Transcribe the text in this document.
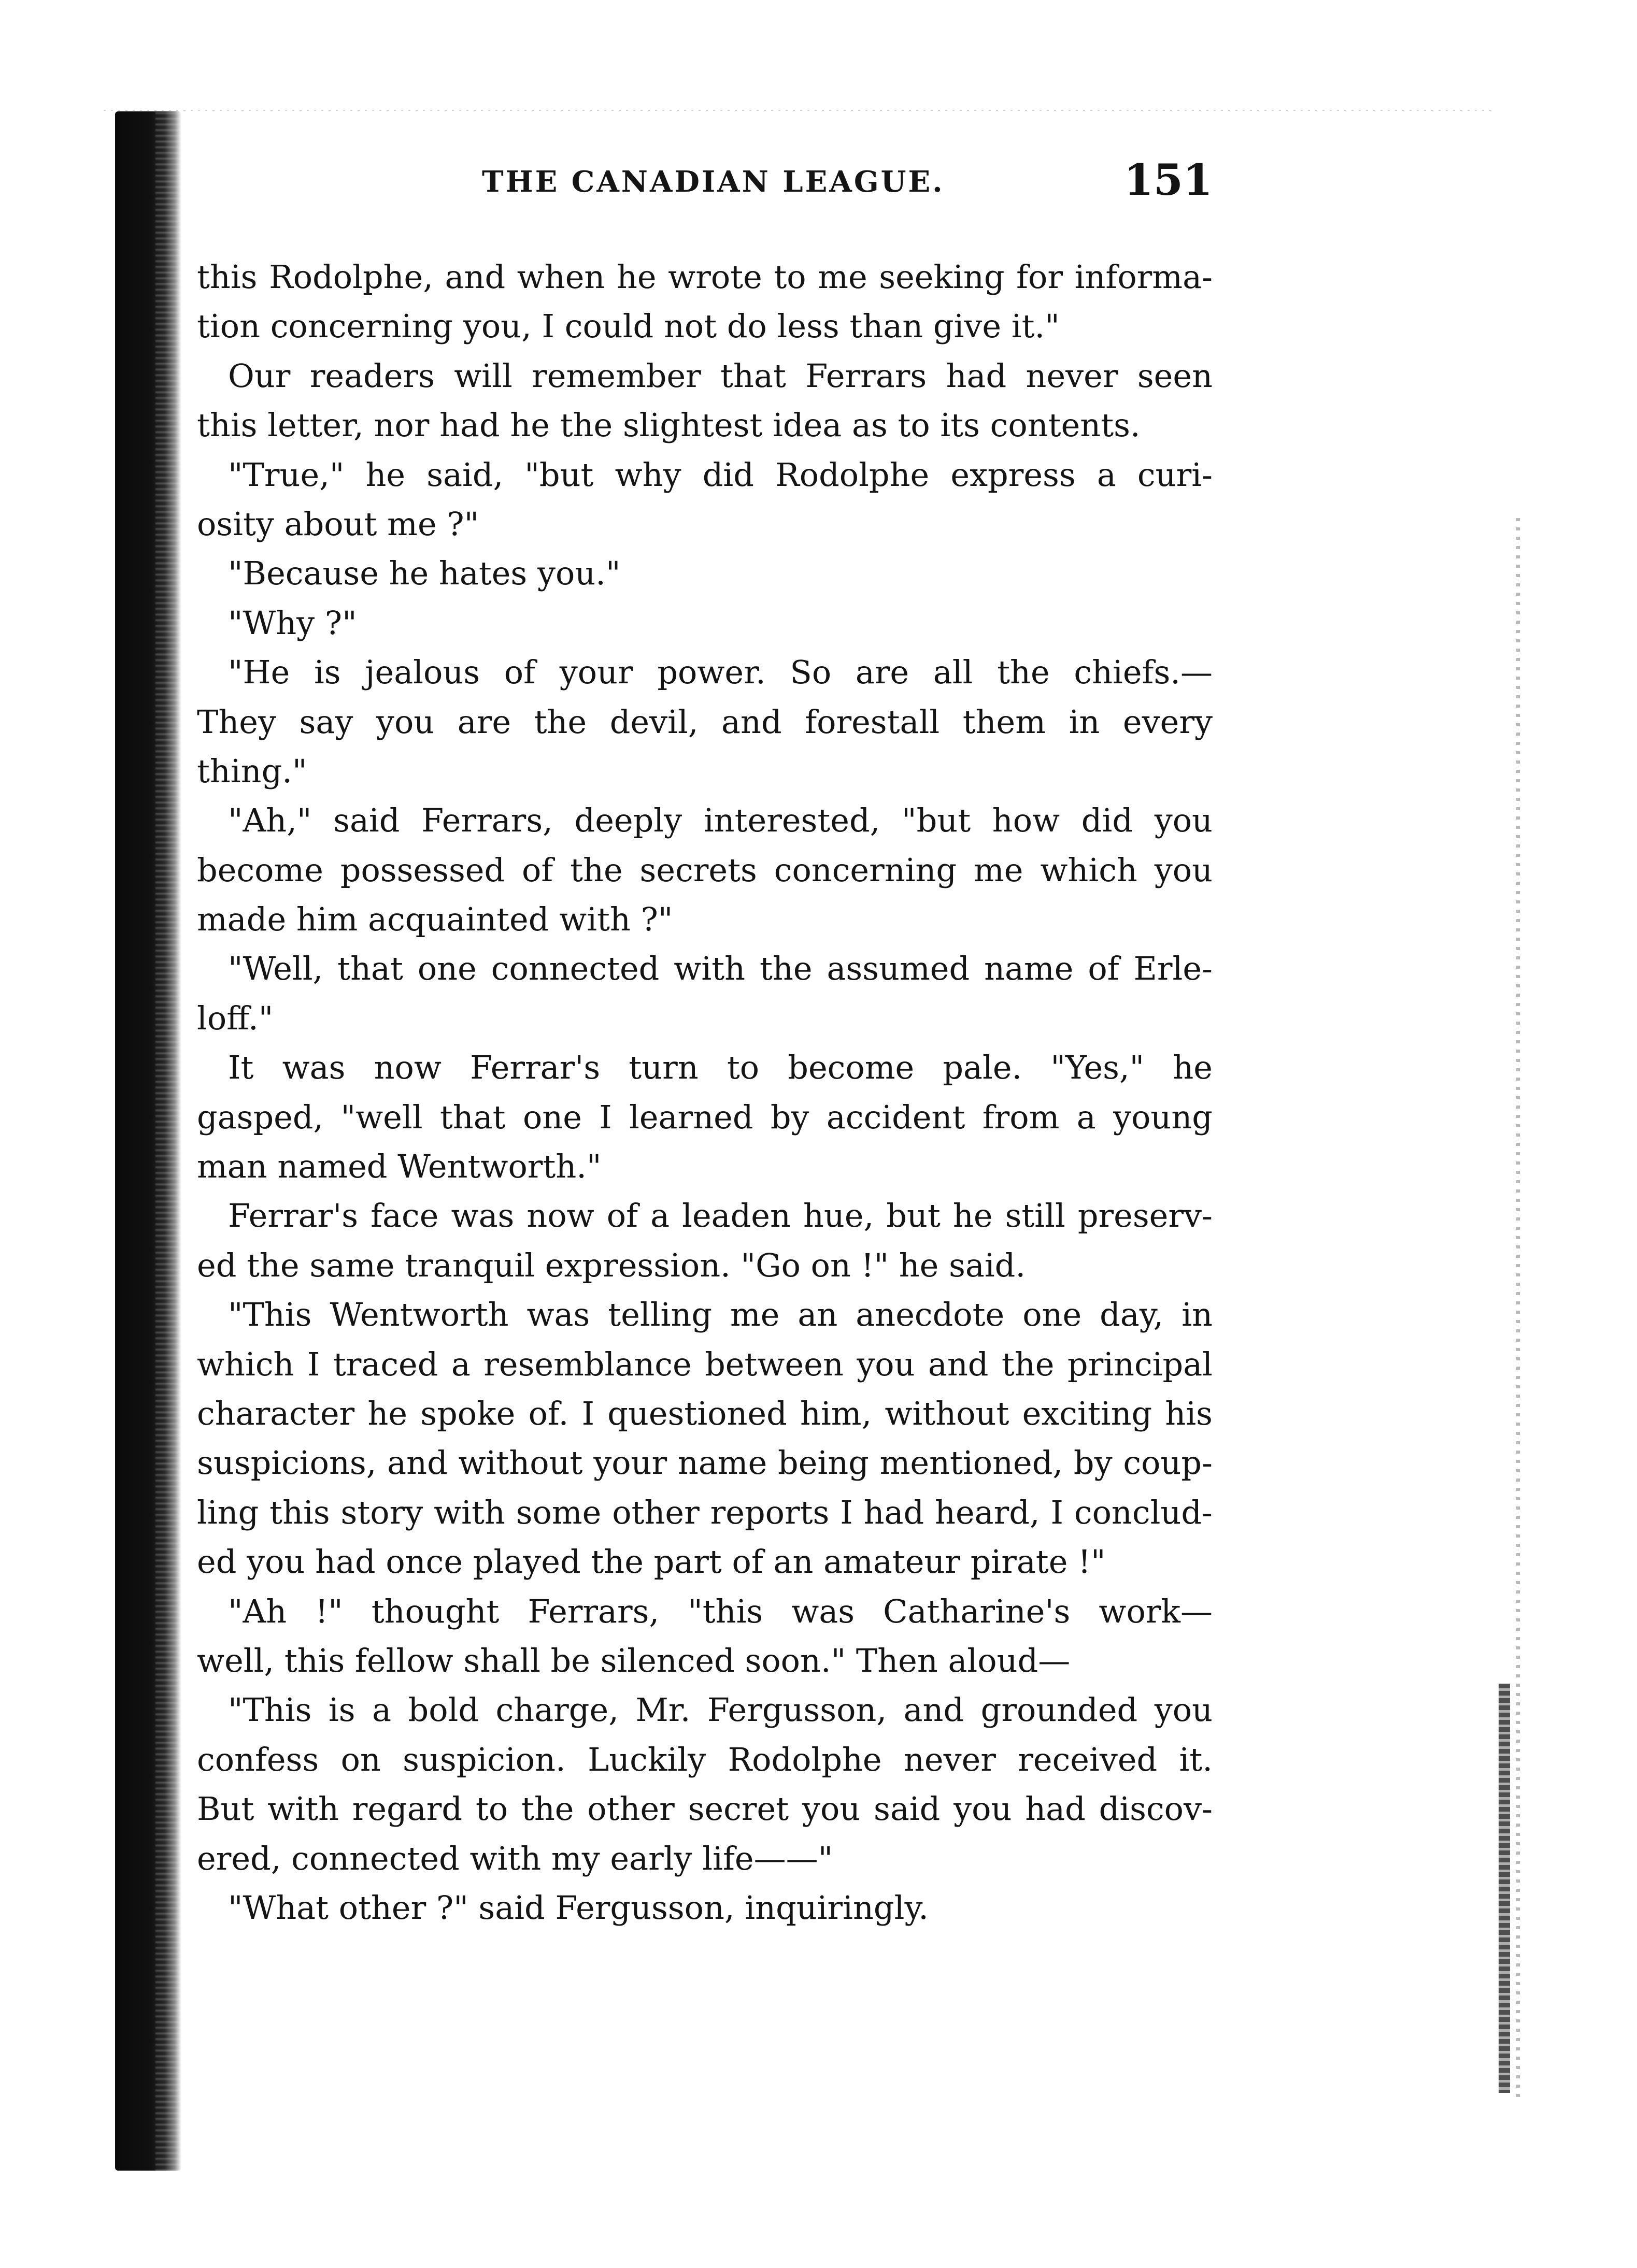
THE CANADIAN LEAGUE.	151
this Rodolphe, and when he wrote to me seeking for informa-
tion concerning you, I could not do less than give it."
Our readers will remember that Ferrars had never seen
this letter, nor had he the slightest idea as to its contents.
"True," he said, "but why did Rodolphe express a curi-
osity about me ?"
"Because he hates you."
"Why ?"
"He is jealous of your power. So are all the chiefs.—
They say you are the devil, and forestall them in every
thing."
"Ah," said Ferrars, deeply interested, "but how did you
become possessed of the secrets concerning me which you
made him acquainted with ?"
"Well, that one connected with the assumed name of Erle-
loff."
It was now Ferrar's turn to become pale. "Yes," he
gasped, "well that one I learned by accident from a young
man named Wentworth."
Ferrar's face was now of a leaden hue, but he still preserv-
ed the same tranquil expression. "Go on !" he said.
"This Wentworth was telling me an anecdote one day, in
which I traced a resemblance between you and the principal
character he spoke of. I questioned him, without exciting his
suspicions, and without your name being mentioned, by coup-
ling this story with some other reports I had heard, I conclud-
ed you had once played the part of an amateur pirate !"
"Ah !" thought Ferrars, "this was Catharine's work—
well, this fellow shall be silenced soon." Then aloud—
"This is a bold charge, Mr. Fergusson, and grounded you
confess on suspicion. Luckily Rodolphe never received it.
But with regard to the other secret you said you had discov-
ered, connected with my early life——"
"What other ?" said Fergusson, inquiringly.
